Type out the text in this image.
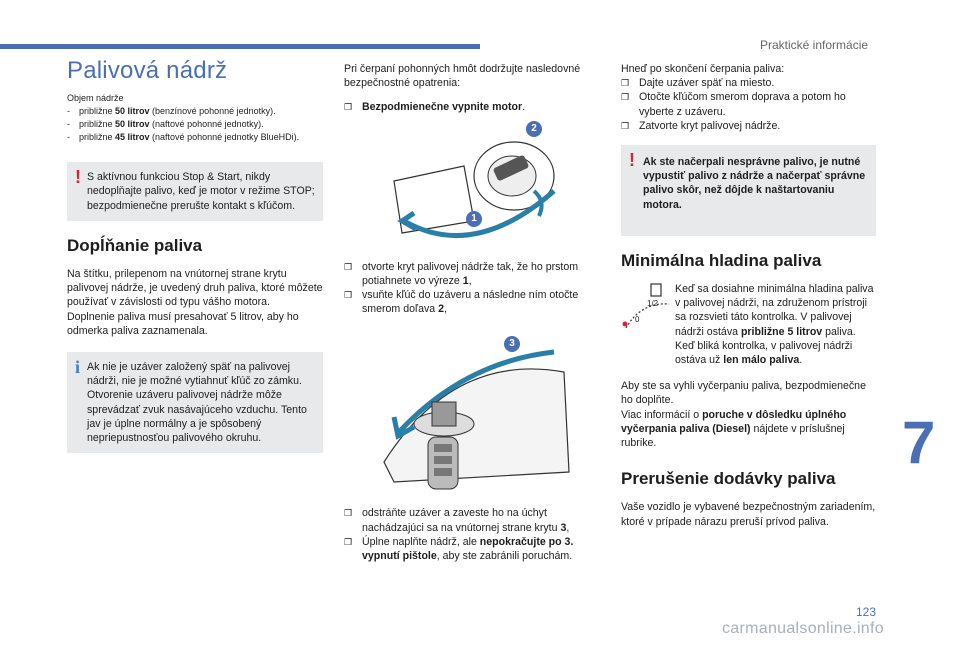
Praktické informácie
Palivová nádrž
Objem nádrže
-	približne 50 litrov (benzínové pohonné jednotky).
-	približne 50 litrov (naftové pohonné jednotky).
-	približne 45 litrov (naftové pohonné jednotky BlueHDi).
! S aktívnou funkciou Stop & Start, nikdy nedoplňajte palivo, keď je motor v režime STOP; bezpodmienečne prerušte kontakt s kľúčom.
Dopĺňanie paliva

Na štítku, prilepenom na vnútornej strane krytu palivovej nádrže, je uvedený druh paliva, ktoré môžete používať v závislosti od typu vášho motora.
Doplnenie paliva musí presahovať 5 litrov, aby ho odmerka paliva zaznamenala.

i Ak nie je uzáver založený späť na palivovej nádrži, nie je možné vytiahnuť kľúč zo zámku.
Otvorenie uzáveru palivovej nádrže môže sprevádzať zvuk nasávajúceho vzduchu. Tento jav je úplne normálny a je spôsobený nepriepustnosťou palivového okruhu.

Pri čerpaní pohonných hmôt dodržujte nasledovné bezpečnostné opatrenia:

❒ Bezpodmienečne vypnite motor.
2
1
❒ otvorte kryt palivovej nádrže tak, že ho prstom potiahnete vo výreze 1,
❒ vsuňte kľúč do uzáveru a následne ním otočte smerom doľava 2,
3
❒ odstráňte uzáver a zaveste ho na úchyt nachádzajúci sa na vnútornej strane krytu 3,
❒ Úplne naplňte nádrž, ale nepokračujte po 3. vypnutí pištole, aby ste zabránili poruchám.

Hneď po skončení čerpania paliva:

❒ Dajte uzáver späť na miesto.
❒ Otočte kľúčom smerom doprava a potom ho vyberte z uzáveru.
❒ Zatvorte kryt palivovej nádrže.
! Ak ste načerpali nesprávne palivo, je nutné vypustiť palivo z nádrže a načerpať správne palivo skôr, než dôjde k naštartovaniu motora.
Minimálna hladina paliva
1/2
0
Keď sa dosiahne minimálna hladina paliva v palivovej nádrži, na združenom prístroji sa rozsvieti táto kontrolka. V palivovej nádrži ostáva približne 5 litrov paliva. Keď bliká kontrolka, v palivovej nádrži ostáva už len málo paliva.

Aby ste sa vyhli vyčerpaniu paliva, bezpodmienečne ho doplňte.
Viac informácií o poruche v dôsledku úplného vyčerpania paliva (Diesel) nájdete v príslušnej rubrike.

Prerušenie dodávky paliva

Vaše vozidlo je vybavené bezpečnostným zariadením, ktoré v prípade nárazu preruší prívod paliva.

7
123
carmanualsonline.info
